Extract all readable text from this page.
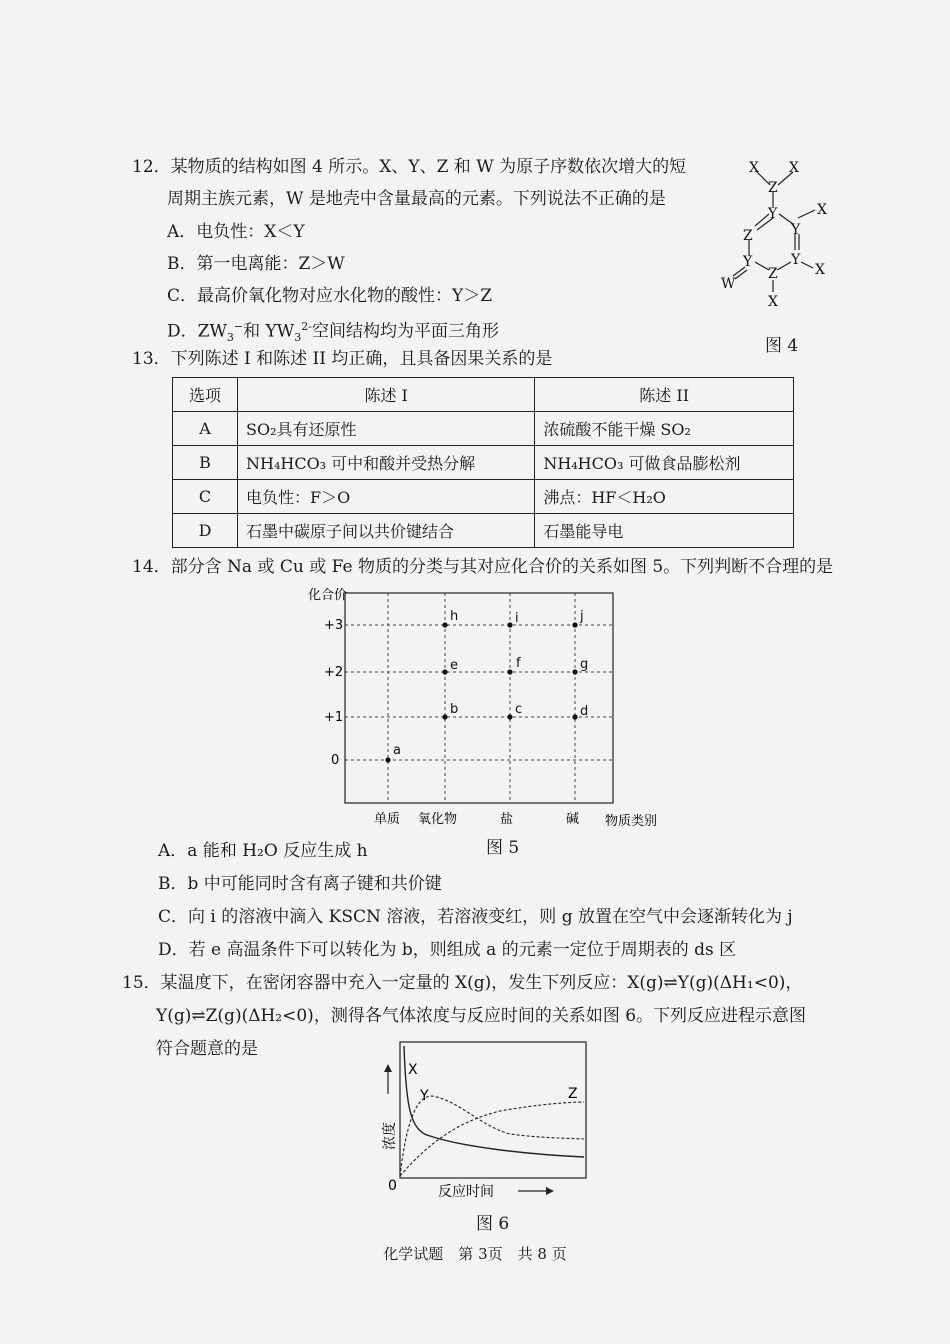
12．某物质的结构如图 4 所示。X、Y、Z 和 W 为原子序数依次增大的短
周期主族元素，W 是地壳中含量最高的元素。下列说法不正确的是
A．电负性：X＜Y
B．第一电离能：Z＞W
C．最高价氧化物对应水化物的酸性：Y＞Z
D．$ZW_3^-$和 $YW_3^{2-}$空间结构均为平面三角形
X X
Z
Y	X
Z	Y
Y	Y
X
Z
W
X
图 4
13．下列陈述 I 和陈述 II 均正确，且具备因果关系的是
选项	陈述 I	陈述 II
A	SO₂具有还原性	浓硫酸不能干燥 SO₂
B	NH₄HCO₃ 可中和酸并受热分解	NH₄HCO₃ 可做食品膨松剂
C	电负性：F＞O	沸点：HF＜H₂O
D	石墨中碳原子间以共价键结合	石墨能导电
14．部分含 Na 或 Cu 或 Fe 物质的分类与其对应化合价的关系如图 5。下列判断不合理的是
化合价
+3
+2
+1
0
单质 氧化物	盐	碱 物质类别
a
b	c	d
e	f	g
h	i	j
图 5
A．a 能和 H₂O 反应生成 h
B．b 中可能同时含有离子键和共价键
C．向 i 的溶液中滴入 KSCN 溶液，若溶液变红，则 g 放置在空气中会逐渐转化为 j
D．若 e 高温条件下可以转化为 b，则组成 a 的元素一定位于周期表的 ds 区
15．某温度下，在密闭容器中充入一定量的 X(g)，发生下列反应：X(g)⇌Y(g)(ΔH₁<0)，
Y(g)⇌Z(g)(ΔH₂<0)，测得各气体浓度与反应时间的关系如图 6。下列反应进程示意图
符合题意的是
X
Y	Z
0	反应时间
浓度
图 6
化学试题　第 3页　共 8 页
